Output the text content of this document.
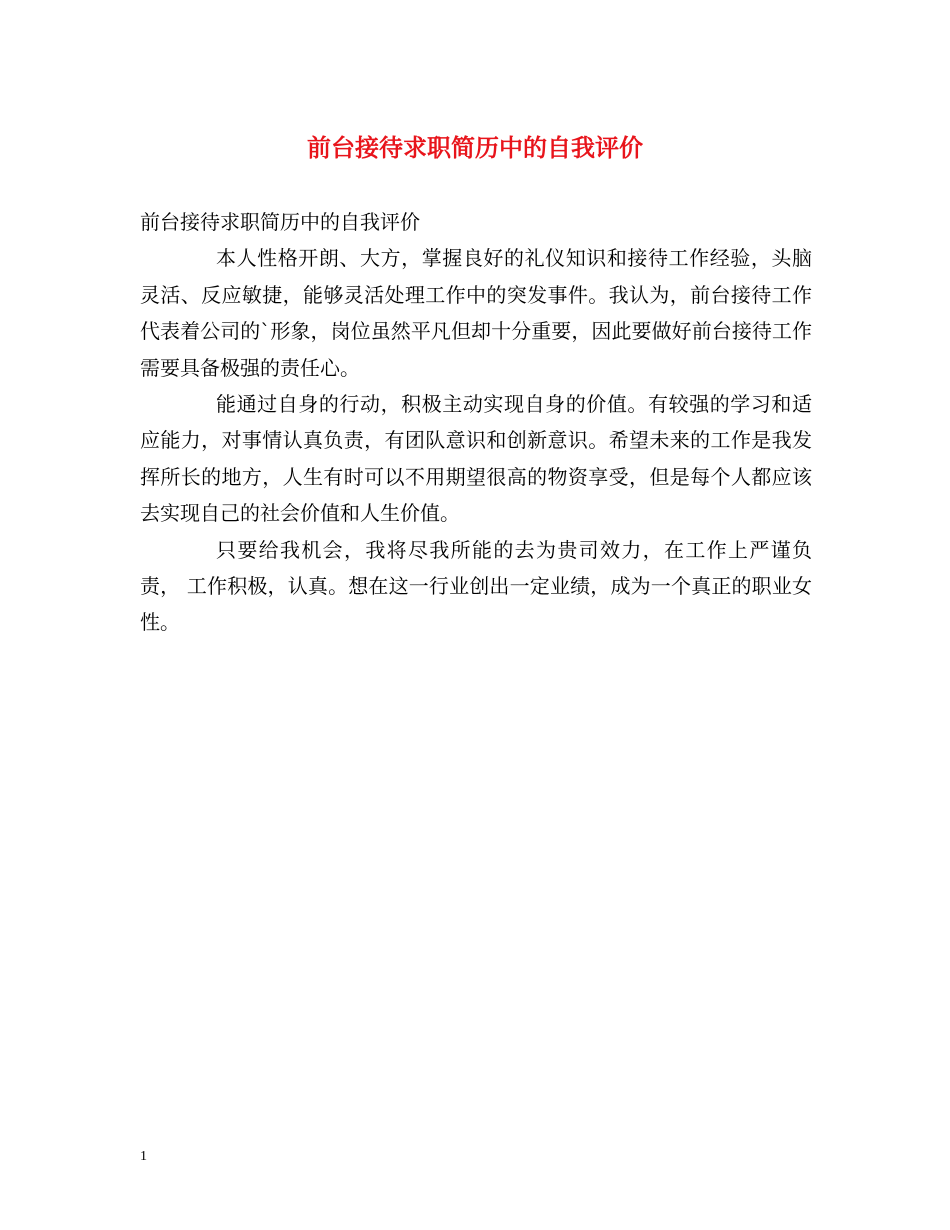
前台接待求职简历中的自我评价

前台接待求职简历中的自我评价

本人性格开朗、大方，掌握良好的礼仪知识和接待工作经验，头脑灵活、反应敏捷，能够灵活处理工作中的突发事件。我认为，前台接待工作代表着公司的`形象，岗位虽然平凡但却十分重要，因此要做好前台接待工作需要具备极强的责任心。

能通过自身的行动，积极主动实现自身的价值。有较强的学习和适应能力，对事情认真负责，有团队意识和创新意识。希望未来的工作是我发挥所长的地方，人生有时可以不用期望很高的物资享受，但是每个人都应该去实现自己的社会价值和人生价值。

只要给我机会，我将尽我所能的去为贵司效力，在工作上严谨负责， 工作积极，认真。想在这一行业创出一定业绩，成为一个真正的职业女性。

1
